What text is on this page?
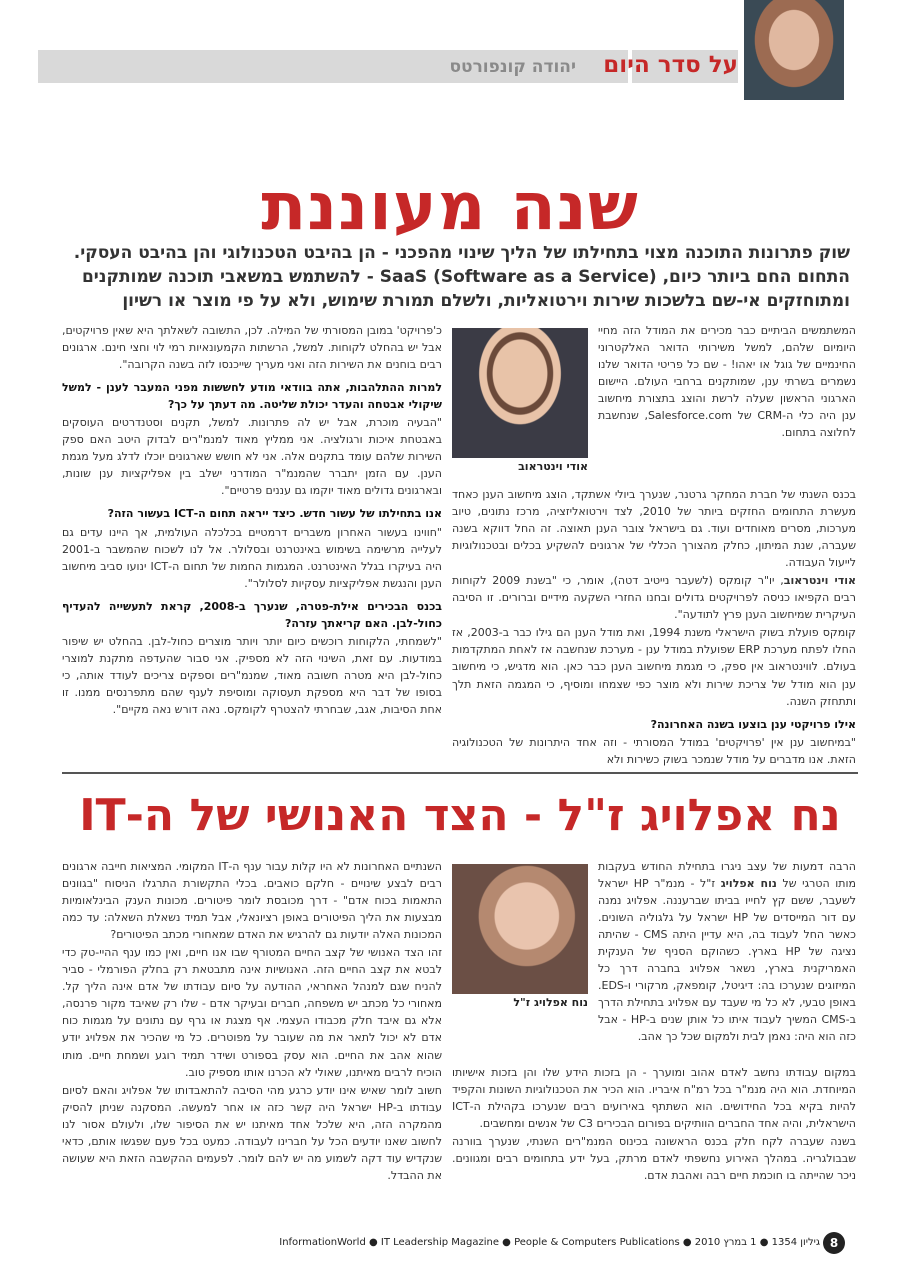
על סדר היום
יהודה קונפורטס
שנה מעוננת

שוק פתרונות התוכנה מצוי בתחילתו של הליך שינוי מהפכני - הן בהיבט הטכנולוגי והן בהיבט העסקי.

התחום החם ביותר כיום, SaaS (Software as a Service) - להשתמש במשאבי תוכנה שמותקנים

ומתוחזקים אי-שם בלשכות שירות וירטואליות, ולשלם תמורת שימוש, ולא על פי מוצר או רשיון

אודי וינטראוב

המשתמשים הביתיים כבר מכירים את המודל הזה מחיי היומיום שלהם, למשל משירותי הדואר האלקטרוני החינמיים של גוגל או יאהו! - שם כל פריטי הדואר שלנו נשמרים בשרתי ענן, שמותקנים ברחבי העולם. היישום הארגוני הראשון שעלה לרשת והוצג בתצורת מיחשוב ענן היה כלי ה-CRM של Salesforce.com, שנחשבת לחלוצה בתחום.

בכנס השנתי של חברת המחקר גרטנר, שנערך ביולי אשתקד, הוצג מיחשוב הענן כאחד מעשרת התחומים החזקים ביותר של 2010, לצד וירטואליזציה, מרכז נתונים, טיוב מערכות, מסרים מאוחדים ועוד. גם בישראל צובר הענן תאוצה. זה החל דווקא בשנה שעברה, שנת המיתון, כחלק מהצורך הכללי של ארגונים להשקיע בכלים ובטכנולוגיות לייעול העבודה.

אודי וינטראוב, יו"ר קומקס (לשעבר נייטיב דטה), אומר, כי "בשנת 2009 לקוחות רבים הקפיאו כניסה לפרויקטים גדולים ובחנו החזרי השקעה מידיים וברורים. זו הסיבה העיקרית שמיחשוב הענן פרץ לתודעה".

קומקס פועלת בשוק הישראלי משנת 1994, ואת מודל הענן הם גילו כבר ב-2003, אז החלו לפתח מערכת ERP שפועלת במודל ענן - מערכת שנחשבה אז לאחת המתקדמות בעולם. לווינטראוב אין ספק, כי מגמת מיחשוב הענן כבר כאן. הוא מדגיש, כי מיחשוב ענן הוא מודל של צריכת שירות ולא מוצר כפי שצמחו ומוסיף, כי המגמה הזאת תלך ותתחזק השנה.

אילו פרויקטי ענן בוצעו בשנה האחרונה?

"במיחשוב ענן אין 'פרויקטים' במודל המסורתי - וזה אחד היתרונות של הטכנולוגיה הזאת. אנו מדברים על מודל שנמכר בשוק כשירות ולא

כ'פרויקט' במובן המסורתי של המילה. לכן, התשובה לשאלתך היא שאין פרויקטים, אבל יש בהחלט לקוחות. למשל, הרשתות הקמעונאיות רמי לוי וחצי חינם. ארגונים רבים בוחנים את השירות הזה ואני מעריך שייכנסו לזה בשנה הקרובה".

למרות ההתלהבות, אתה בוודאי מודע לחששות מפני המעבר לענן - למשל שיקולי אבטחה והעדר יכולת שליטה. מה דעתך על כך?

"הבעיה מוכרת, אבל יש לה פתרונות. למשל, תקנים וסטנדרטים העוסקים באבטחת איכות ורגולציה. אני ממליץ מאוד למנמ"רים לבדוק היטב האם ספק השירות שלהם עומד בתקנים אלה. אני לא חושש שארגונים יוכלו לדלג מעל מגמת הענן. עם הזמן יתברר שהמנמ"ר המודרני ישלב בין אפליקציות ענן שונות, ובארגונים גדולים מאוד יוקמו גם עננים פרטיים".

אנו בתחילתו של עשור חדש. כיצד ייראה תחום ה-ICT בעשור הזה?

"חווינו בעשור האחרון משברים דרמטיים בכלכלה העולמית, אך היינו עדים גם לעלייה מרשימה בשימוש באינטרנט ובסלולר. אל לנו לשכוח שהמשבר ב-2001 היה בעיקרו בגלל האינטרנט. המגמות החמות של תחום ה-ICT ינועו סביב מיחשוב הענן והנגשת אפליקציות עסקיות לסלולר".

בכנס הבכירים אילת-פטרה, שנערך ב-2008, קראת לתעשייה להעדיף כחול-לבן. האם קריאתך עזרה?

"לשמחתי, הלקוחות רוכשים כיום יותר ויותר מוצרים כחול-לבן. בהחלט יש שיפור במודעות. עם זאת, השינוי הזה לא מספיק. אני סבור שהעדפה מתקנת למוצרי כחול-לבן היא מטרה חשובה מאוד, שמנמ"רים וספקים צריכים לעודד אותה, כי בסופו של דבר היא מספקת תעסוקה ומוסיפת לענף שהם מתפרנסים ממנו. זו אחת הסיבות, אגב, שבחרתי להצטרף לקומקס. נאה דורש נאה מקיים".

נח אפלויג ז"ל - הצד האנושי של ה-IT
נוח אפלויג ז"ל

הרבה דמעות של עצב ניגרו בתחילת החודש בעקבות מותו הטרגי של נוח אפלויג ז"ל - מנמ"ר HP ישראל לשעבר, ששם קץ לחייו בביתו שברעננה. אפלויג נמנה עם דור המייסדים של HP ישראל על גלגוליה השונים. כאשר החל לעבוד בה, היא עדיין היתה CMS - שהיתה נציגה של HP בארץ. כשהוקם הסניף של הענקית האמריקנית בארץ, נשאר אפלויג בחברה דרך כל המיזוגים שנערכו בה: דיגיטל, קומפאק, מרקורי ו-EDS. באופן טבעי, לא כל מי שעבד עם אפלויג בתחילת הדרך ב-CMS המשיך לעבוד איתו כל אותן שנים ב-HP - אבל כזה הוא היה: נאמן לבית ולמקום שכל כך אהב.

במקום עבודתו נחשב לאדם אהוב ומוערך - הן בזכות הידע שלו והן בזכות אישיותו המיוחדת. הוא היה מנמ"ר בכל רמ"ח איבריו. הוא הכיר את הטכנולוגיות השונות והקפיד להיות בקיא בכל החידושים. הוא השתתף באירועים רבים שנערכו בקהילת ה-ICT הישראלית, והיה אחד החברים הוותיקים בפורום הבכירים C3 של אנשים ומחשבים.

בשנה שעברה לקח חלק בכנס הראשונה בכינוס המנמ"רים השנתי, שנערך בוורנה שבבולגריה. במהלך האירוע נחשפתי לאדם מרתק, בעל ידע בתחומים רבים ומגוונים. ניכר שהייתה בו חוכמת חיים רבה ואהבת אדם.

השנתיים האחרונות לא היו קלות עבור ענף ה-IT המקומי. המציאות חייבה ארגונים רבים לבצע שינויים - חלקם כואבים. בכלי התקשורת התרגלו הניסוח "בגוונים התאמות בכוח אדם" - דרך מכובסת לומר פיטורים. מכונות הענק הבינלאומיות מבצעות את הליך הפיטורים באופן רציונאלי, אבל תמיד נשאלת השאלה: עד כמה המכונות האלה יודעות גם להרגיש את האדם שמאחורי מכתב הפיטורים?

זהו הצד האנושי של קצב החיים המטורף שבו אנו חיים, ואין כמו ענף ההיי-טק כדי לבטא את קצב החיים הזה. האנושיות אינה מתבטאת רק בחלק הפורמלי - סביר להניח שגם למנהל האחראי, ההודעה על סיום עבודתו של אדם אינה הליך קל. מאחורי כל מכתב יש משפחה, חברים ובעיקר אדם - שלו רק שאיבד מקור פרנסה, אלא גם איבד חלק מכבודו העצמי. אף מצגת או גרף עם נתונים על מגמות כוח אדם לא יכול לתאר את מה שעובר על מפוטרים. כל מי שהכיר את אפלויג יודע שהוא אהב את החיים. הוא עסק בספורט ושידר תמיד רוגע ושמחת חיים. מותו הוכיח לרבים מאיתנו, שאולי לא הכרנו אותו מספיק טוב.

חשוב לומר שאיש אינו יודע כרגע מהי הסיבה להתאבדותו של אפלויג והאם לסיום עבודתו ב-HP ישראל היה קשר כזה או אחר למעשה. המסקנה שניתן להסיק מהמקרה הזה, היא שלכל אחד מאיתנו יש את הסיפור שלו, ולעולם אסור לנו לחשוב שאנו יודעים הכל על חברינו לעבודה. כמעט בכל פעם שפגשו אותם, כדאי שנקדיש עוד דקה לשמוע מה יש להם לומר. לפעמים ההקשבה הזאת היא שעושה את ההבדל.

InformationWorld ● IT Leadership Magazine ● People & Computers Publications ● 2010 גיליון 1354 ● 1 במרץ 8
